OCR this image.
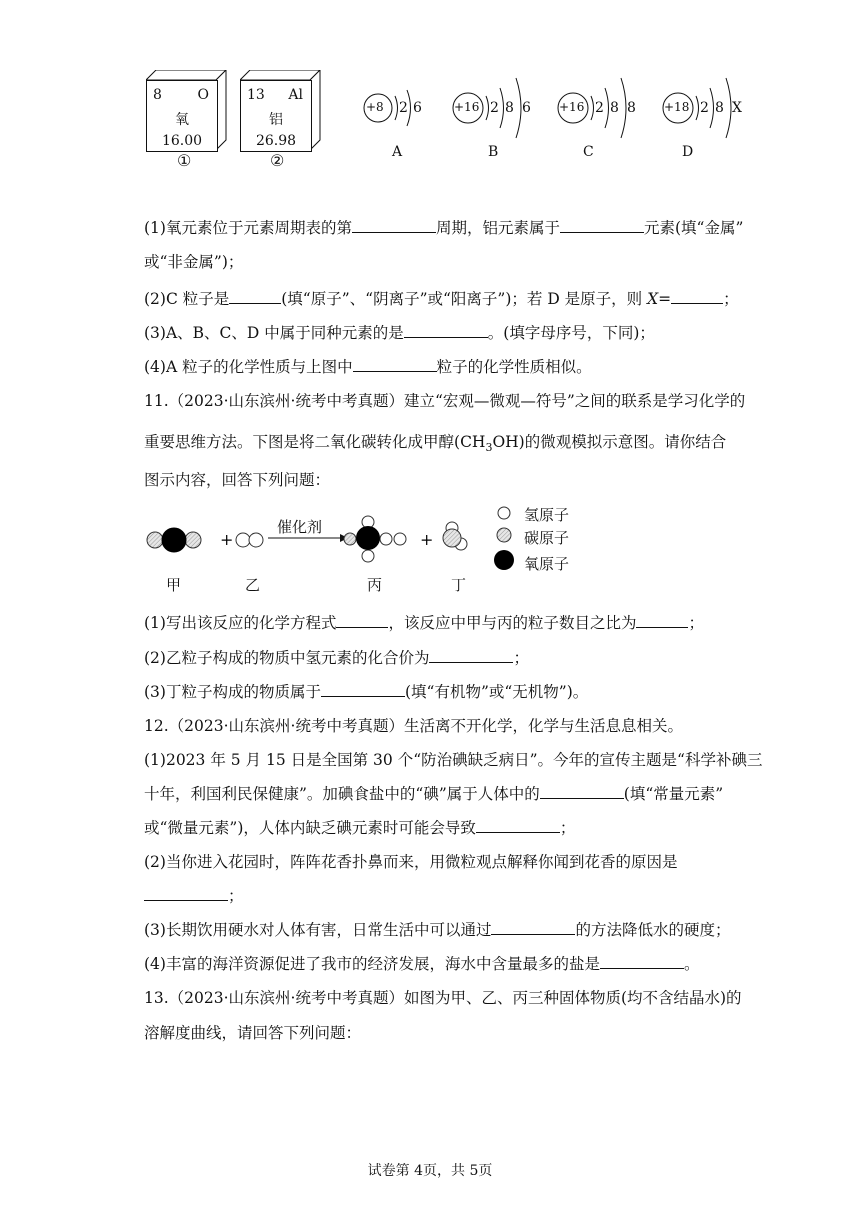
8	O
氧
16.00
①
13 Al
铝
26.98
②
+8 2 6
A
+16 2 8 6
B
+16 2 8 8
C
+18 2 8 X
D
(1)氧元素位于元素周期表的第	周期，铝元素属于	元素(填“金属”
或“非金属”)；
(2)C 粒子是	(填“原子”、“阴离子”或“阳离子”)；若 D 是原子，则 X=	；
(3)A、B、C、D 中属于同种元素的是	。(填字母序号，下同)；
(4)A 粒子的化学性质与上图中	粒子的化学性质相似。
11.（2023·山东滨州·统考中考真题）建立“宏观—微观—符号”之间的联系是学习化学的
重要思维方法。下图是将二氧化碳转化成甲醇$(CH_3OH)$的微观模拟示意图。请你结合
图示内容，回答下列问题：
+	+
催化剂
氢原子
碳原子
氧原子
甲	乙	丙	丁
(1)写出该反应的化学方程式	，该反应中甲与丙的粒子数目之比为	；
(2)乙粒子构成的物质中氢元素的化合价为	；
(3)丁粒子构成的物质属于	(填“有机物”或“无机物”)。
12.（2023·山东滨州·统考中考真题）生活离不开化学，化学与生活息息相关。
(1)2023 年 5 月 15 日是全国第 30 个“防治碘缺乏病日”。今年的宣传主题是“科学补碘三
十年，利国利民保健康”。加碘食盐中的“碘”属于人体中的	(填“常量元素”
或“微量元素”)，人体内缺乏碘元素时可能会导致	；
(2)当你进入花园时，阵阵花香扑鼻而来，用微粒观点解释你闻到花香的原因是
；
(3)长期饮用硬水对人体有害，日常生活中可以通过	的方法降低水的硬度；
(4)丰富的海洋资源促进了我市的经济发展，海水中含量最多的盐是	。
13.（2023·山东滨州·统考中考真题）如图为甲、乙、丙三种固体物质(均不含结晶水)的
溶解度曲线，请回答下列问题：
试卷第 4页，共 5页
